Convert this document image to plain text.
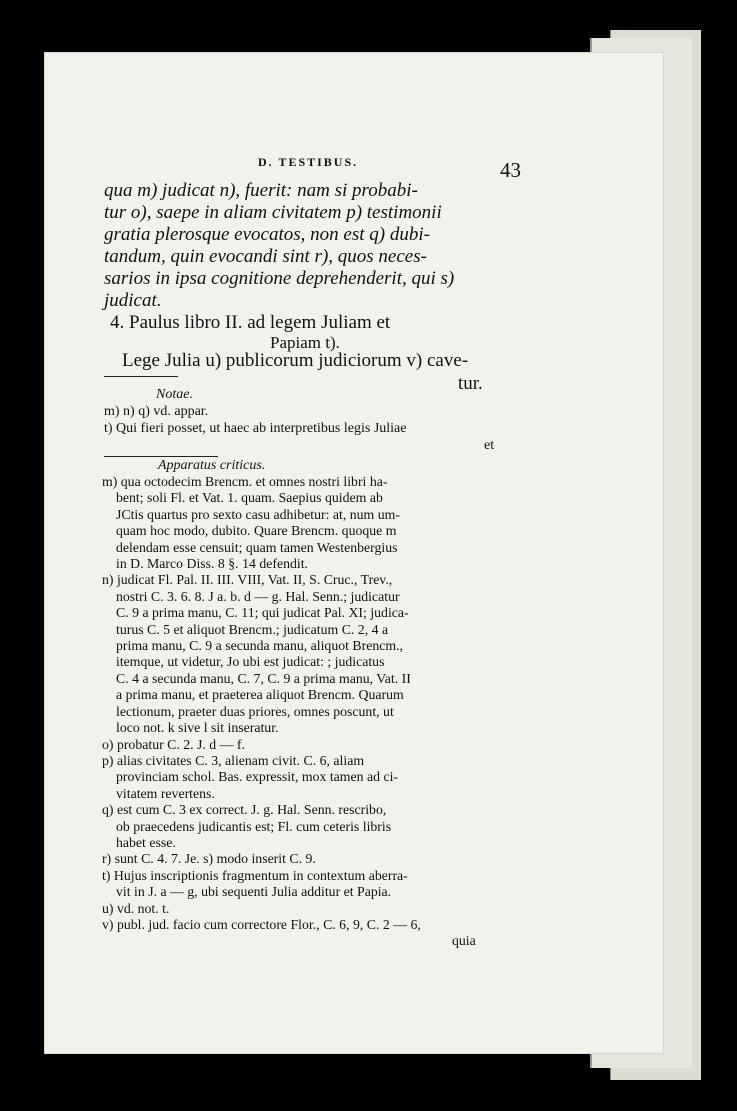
D. TESTIBUS.	43
qua m) judicat n), fuerit: nam si probabi-
tur o), saepe in aliam civitatem p) testimonii
gratia plerosque evocatos, non est q) dubi-
tandum, quin evocandi sint r), quos neces-
sarios in ipsa cognitione deprehenderit, qui s)
judicat.
4. Paulus libro II. ad legem Juliam et
Papiam t).
Lege Julia u) publicorum judiciorum v) cave-
tur.
Notae.
m) n) q) vd. appar.
t) Qui fieri posset, ut haec ab interpretibus legis Juliae
et
Apparatus criticus.
m) qua octodecim Brencm. et omnes nostri libri ha-
bent; soli Fl. et Vat. 1. quam. Saepius quidem ab
JCtis quartus pro sexto casu adhibetur: at, num um-
quam hoc modo, dubito. Quare Brencm. quoque m
delendam esse censuit; quam tamen Westenbergius
in D. Marco Diss. 8 §. 14 defendit.
n) judicat Fl. Pal. II. III. VIII, Vat. II, S. Cruc., Trev.,
nostri C. 3. 6. 8. J a. b. d — g. Hal. Senn.; judicatur
C. 9 a prima manu, C. 11; qui judicat Pal. XI; judica-
turus C. 5 et aliquot Brencm.; judicatum C. 2, 4 a
prima manu, C. 9 a secunda manu, aliquot Brencm.,
itemque, ut videtur, Jo ubi est judicat: ; judicatus
C. 4 a secunda manu, C. 7, C. 9 a prima manu, Vat. II
a prima manu, et praeterea aliquot Brencm. Quarum
lectionum, praeter duas priores, omnes poscunt, ut
loco not. k sive l sit inseratur.
o) probatur C. 2. J. d — f.
p) alias civitates C. 3, alienam civit. C. 6, aliam
provinciam schol. Bas. expressit, mox tamen ad ci-
vitatem revertens.
q) est cum C. 3 ex correct. J. g. Hal. Senn. rescribo,
ob praecedens judicantis est; Fl. cum ceteris libris
habet esse.
r) sunt C. 4. 7. Je. s) modo inserit C. 9.
t) Hujus inscriptionis fragmentum in contextum aberra-
vit in J. a — g, ubi sequenti Julia additur et Papia.
u) vd. not. t.
v) publ. jud. facio cum correctore Flor., C. 6, 9, C. 2 — 6,
quia
